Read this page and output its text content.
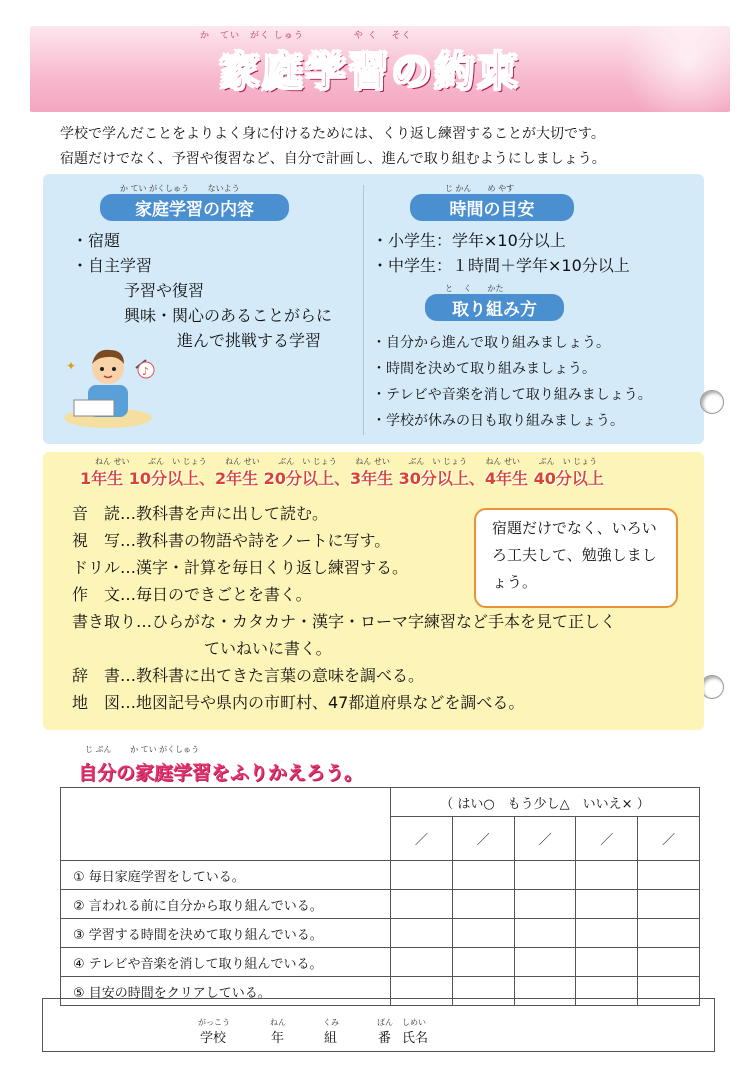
か　てい　がく しゅう　　　　　や く　 そく
家庭学習の約束
学校で学んだことをよりよく身に付けるためには、くり返し練習することが大切です。
宿題だけでなく、予習や復習など、自分で計画し、進んで取り組むようにしましょう。
か てい がくしゅう　　 ないよう
家庭学習の内容
・宿題
・自主学習
予習や復習
興味・関心のあることがらに
進んで挑戦する学習
♪
✦
じ かん　　め やす
時間の目安
・小学生：学年×10分以上
・中学生：１時間＋学年×10分以上
と　 く　　かた
取り組み方
・自分から進んで取り組みましょう。
・時間を決めて取り組みましょう。
・テレビや音楽を消して取り組みましょう。
・学校が休みの日も取り組みましょう。
ねん せい　　 ぶん　い じょう　　 ねん せい　　 ぶん　い じょう　　 ねん せい　　 ぶん　い じょう　　 ねん せい　　 ぶん　い じょう
1年生 10分以上、2年生 20分以上、3年生 30分以上、4年生 40分以上
音　読…教科書を声に出して読む。
視　写…教科書の物語や詩をノートに写す。
ドリル…漢字・計算を毎日くり返し練習する。
作　文…毎日のできごとを書く。
書き取り…ひらがな・カタカナ・漢字・ローマ字練習など手本を見て正しく
ていねいに書く。
辞　書…教科書に出てきた言葉の意味を調べる。
地　図…地図記号や県内の市町村、47都道府県などを調べる。
宿題だけでなく、いろいろ工夫して、勉強しましょう。
じ ぶん　　 か てい がくしゅう
自分の家庭学習をふりかえろう。
	（ はい○　もう少し△　いいえ× ）				
	／	／	／	／	／
① 毎日家庭学習をしている。					
② 言われる前に自分から取り組んでいる。					
③ 学習する時間を決めて取り組んでいる。					
④ テレビや音楽を消して取り組んでいる。					
⑤ 目安の時間をクリアしている。					
がっこう
学校
ねん
年
くみ
組
ばん
番
しめい
氏名
